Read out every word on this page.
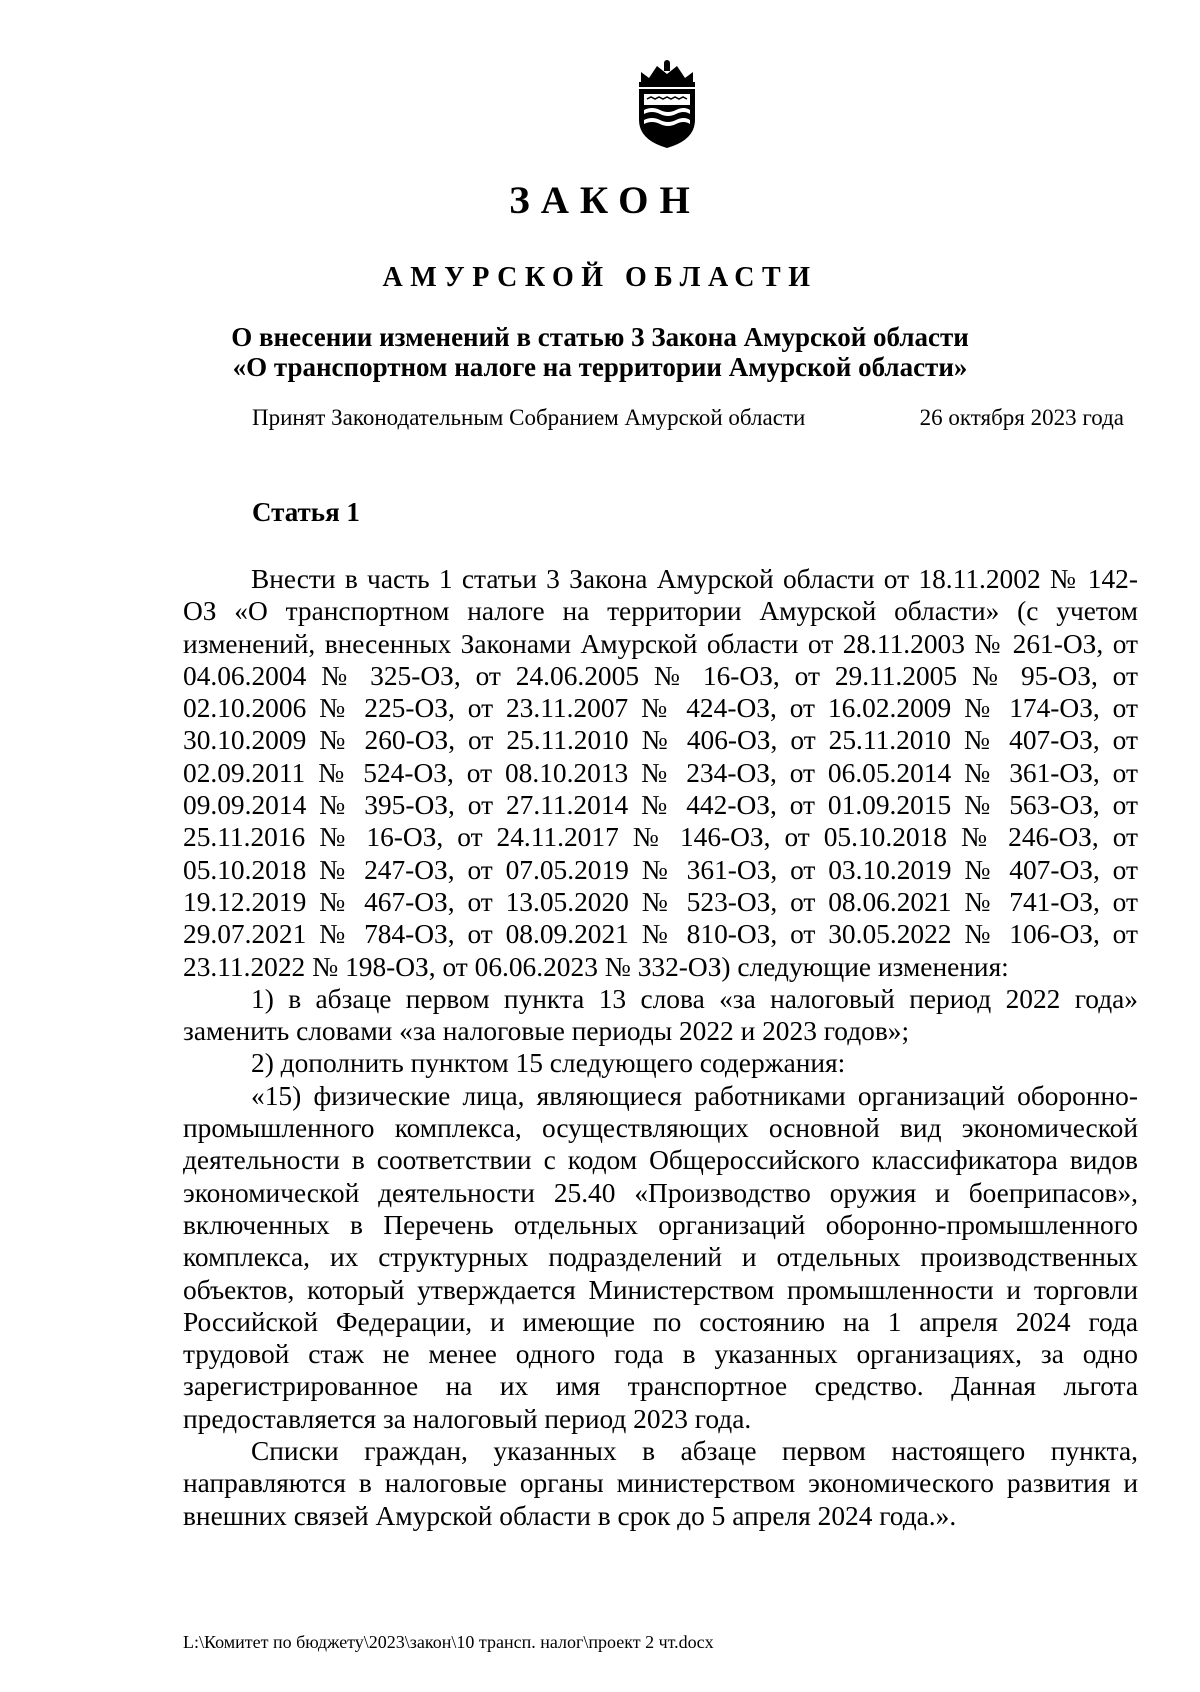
ЗАКОН
АМУРСКОЙ ОБЛАСТИ
О внесении изменений в статью 3 Закона Амурской области
«О транспортном налоге на территории Амурской области»
Принят Законодательным Собранием Амурской области	26 октября 2023 года
Статья 1

Внести в часть 1 статьи 3 Закона Амурской области от 18.11.2002 № 142-ОЗ «О транспортном налоге на территории Амурской области» (с учетом изменений, внесенных Законами Амурской области от 28.11.2003 № 261-ОЗ, от 04.06.2004 № 325-ОЗ, от 24.06.2005 № 16-ОЗ, от 29.11.2005 № 95-ОЗ, от 02.10.2006 № 225-ОЗ, от 23.11.2007 № 424-ОЗ, от 16.02.2009 № 174-ОЗ, от 30.10.2009 № 260-ОЗ, от 25.11.2010 № 406-ОЗ, от 25.11.2010 № 407-ОЗ, от 02.09.2011 № 524-ОЗ, от 08.10.2013 № 234-ОЗ, от 06.05.2014 № 361-ОЗ, от 09.09.2014 № 395-ОЗ, от 27.11.2014 № 442-ОЗ, от 01.09.2015 № 563-ОЗ, от 25.11.2016 № 16-ОЗ, от 24.11.2017 № 146-ОЗ, от 05.10.2018 № 246-ОЗ, от 05.10.2018 № 247-ОЗ, от 07.05.2019 № 361-ОЗ, от 03.10.2019 № 407-ОЗ, от 19.12.2019 № 467-ОЗ, от 13.05.2020 № 523-ОЗ, от 08.06.2021 № 741-ОЗ, от 29.07.2021 № 784-ОЗ, от 08.09.2021 № 810-ОЗ, от 30.05.2022 № 106-ОЗ, от 23.11.2022 № 198-ОЗ, от 06.06.2023 № 332-ОЗ) следующие изменения:

1) в абзаце первом пункта 13 слова «за налоговый период 2022 года» заменить словами «за налоговые периоды 2022 и 2023 годов»;

2) дополнить пунктом 15 следующего содержания:

«15) физические лица, являющиеся работниками организаций оборонно-промышленного комплекса, осуществляющих основной вид экономической деятельности в соответствии с кодом Общероссийского классификатора видов экономической деятельности 25.40 «Производство оружия и боеприпасов», включенных в Перечень отдельных организаций оборонно-промышленного комплекса, их структурных подразделений и отдельных производственных объектов, который утверждается Министерством промышленности и торговли Российской Федерации, и имеющие по состоянию на 1 апреля 2024 года трудовой стаж не менее одного года в указанных организациях, за одно зарегистрированное на их имя транспортное средство. Данная льгота предоставляется за налоговый период 2023 года.

Списки граждан, указанных в абзаце первом настоящего пункта, направляются в налоговые органы министерством экономического развития и внешних связей Амурской области в срок до 5 апреля 2024 года.».

L:\Комитет по бюджету\2023\закон\10 трансп. налог\проект 2 чт.docx
